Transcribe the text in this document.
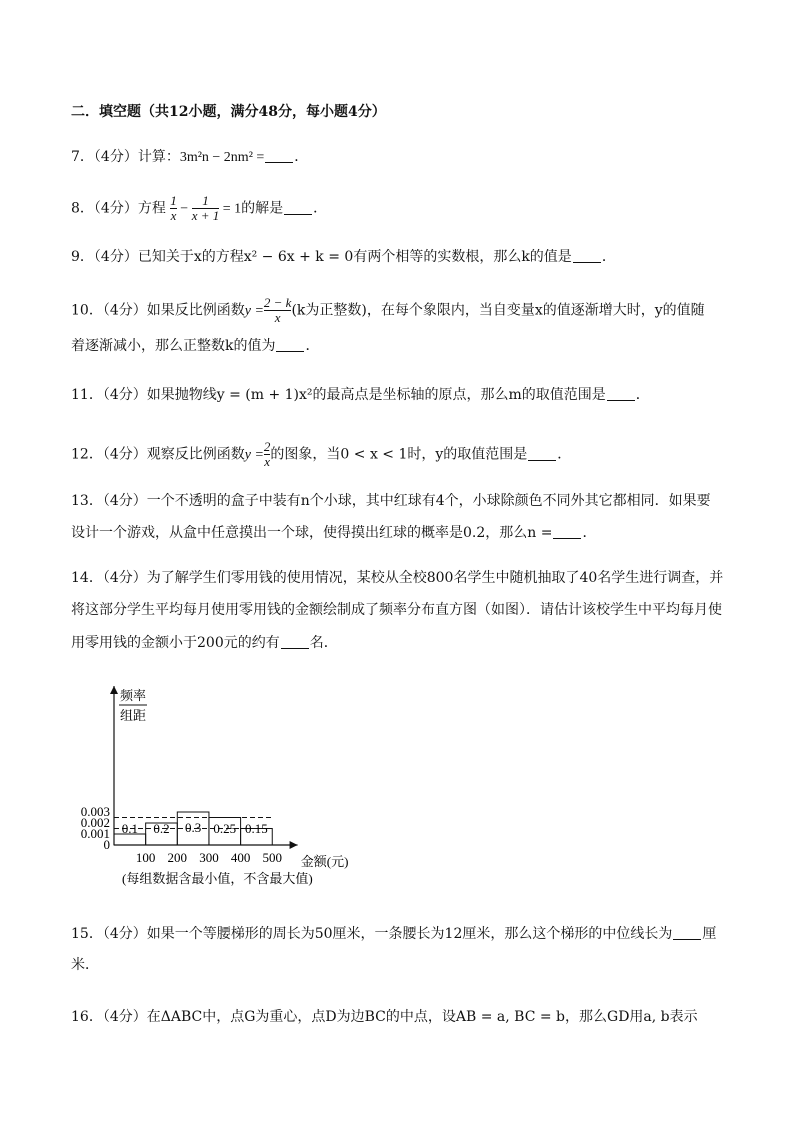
二．填空题（共12小题，满分48分，每小题4分）
7．（4分）计算：3m²n − 2nm² = ．
8．（4分）方程 $\frac{1}{x} - \frac{1}{x + 1} = 1$的解是 ．
9．（4分）已知关于x的方程x² − 6x + k = 0有两个相等的实数根，那么k的值是 ．
10．（4分）如果反比例函数$y = \frac{2 - k}{x} (k$为正整数)，在每个象限内，当自变量x的值逐渐增大时，y的值随
着逐渐减小，那么正整数k的值为 ．
11．（4分）如果抛物线y = (m + 1)x²的最高点是坐标轴的原点，那么m的取值范围是 ．
12．（4分）观察反比例函数$y = \frac{2}{x}$ 的图象，当0 < x < 1时，y的取值范围是 ．
13．（4分）一个不透明的盒子中装有n个小球，其中红球有4个，小球除颜色不同外其它都相同．如果要
设计一个游戏，从盒中任意摸出一个球，使得摸出红球的概率是0.2，那么n = ．
14．（4分）为了解学生们零用钱的使用情况，某校从全校800名学生中随机抽取了40名学生进行调查，并
将这部分学生平均每月使用零用钱的金额绘制成了频率分布直方图（如图）．请估计该校学生中平均每月使
用零用钱的金额小于200元的约有 名．
频率
组距
0.1 0.2 0.3 0.25 0.15
0.003
0.002
0.001
0
100 200 300 400 500 金额(元)
(每组数据含最小值，不含最大值)
15．（4分）如果一个等腰梯形的周长为50厘米，一条腰长为12厘米，那么这个梯形的中位线长为 厘
米．
16．（4分）在ΔABC中，点G为重心，点D为边BC的中点，设AB = a, BC = b，那么GD用a, b表示
